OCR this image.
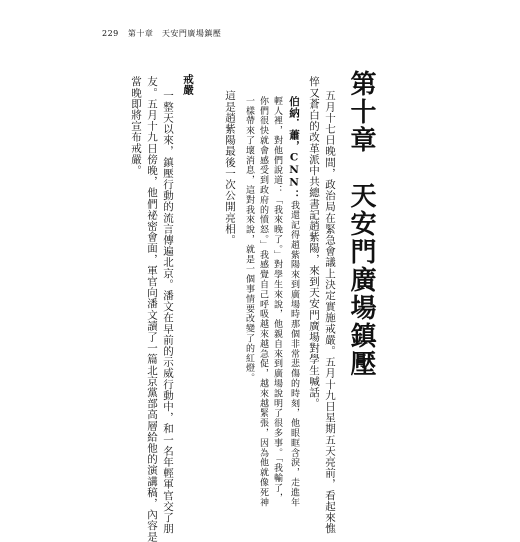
229 第十章　天安門廣場鎮壓
第十章　天安門廣場鎮壓
五月十七日晚間，政治局在緊急會議上決定實施戒嚴。五月十九日星期五天亮前，看起來憔
悴又蒼白的改革派中共總書記趙紫陽，來到天安門廣場對學生喊話。
伯納．蕭，CNN：我還記得趙紫陽來到廣場時那個非常悲傷的時刻，他眼眶含淚，走進年
輕人裡，對他們說道：「我來晚了。」對學生來說，他親自來到廣場說明了很多事。「我輸了，
你們很快就會感受到政府的憤怒。」我感覺自己呼吸越來越急促，越來越緊張，因為他就像死神
一樣帶來了壞消息，這對我來說，就是一個事情要改變了的紅燈。
這是趙紫陽最後一次公開亮相。
戒嚴
一整天以來，鎮壓行動的流言傳遍北京。潘文在早前的示威行動中，和一名年輕軍官交了朋
友。五月十九日傍晚，他們祕密會面，軍官向潘文讀了一篇北京黨部高層給他的演講稿，內容是
當晚即將宣布戒嚴。
